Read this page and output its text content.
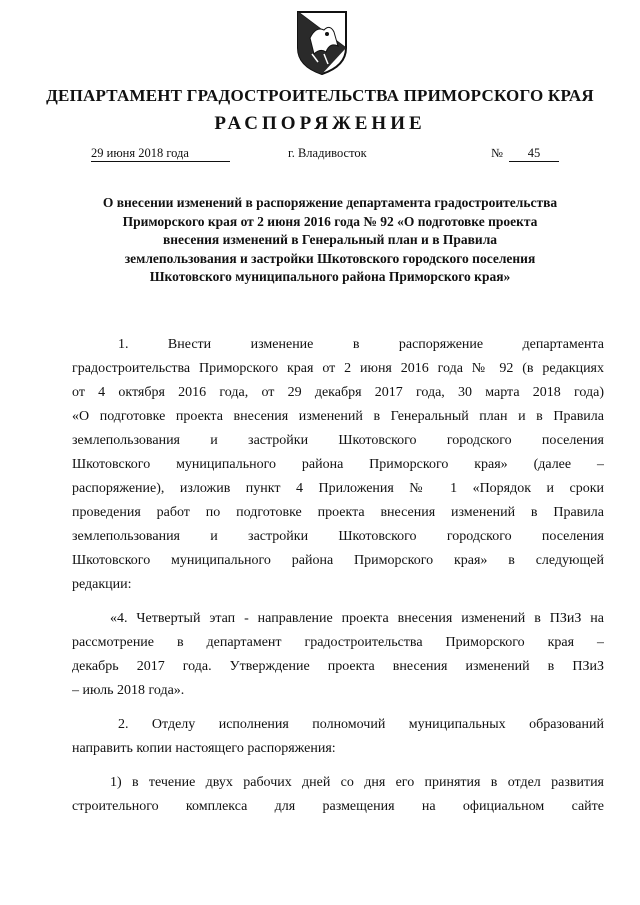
ДЕПАРТАМЕНТ ГРАДОСТРОИТЕЛЬСТВА ПРИМОРСКОГО КРАЯ
РАСПОРЯЖЕНИЕ
29 июня 2018 года	г. Владивосток	№	45
О внесении изменений в распоряжение департамента градостроительства
Приморского края от 2 июня 2016 года № 92 «О подготовке проекта
внесения изменений в Генеральный план и в Правила
землепользования и застройки Шкотовского городского поселения
Шкотовского муниципального района Приморского края»
1. Внести изменение в распоряжение департамента
градостроительства Приморского края от 2 июня 2016 года № 92 (в редакциях
от 4 октября 2016 года, от 29 декабря 2017 года, 30 марта 2018 года)
«О подготовке проекта внесения изменений в Генеральный план и в Правила
землепользования и застройки Шкотовского городского поселения
Шкотовского муниципального района Приморского края» (далее –
распоряжение), изложив пункт 4 Приложения № 1 «Порядок и сроки
проведения работ по подготовке проекта внесения изменений в Правила
землепользования и застройки Шкотовского городского поселения
Шкотовского муниципального района Приморского края» в следующей
редакции:
«4. Четвертый этап - направление проекта внесения изменений в ПЗиЗ на
рассмотрение в департамент градостроительства Приморского края –
декабрь 2017 года. Утверждение проекта внесения изменений в ПЗиЗ
– июль 2018 года».
2. Отделу исполнения полномочий муниципальных образований
направить копии настоящего распоряжения:
1) в течение двух рабочих дней со дня его принятия в отдел развития
строительного комплекса для размещения на официальном сайте
